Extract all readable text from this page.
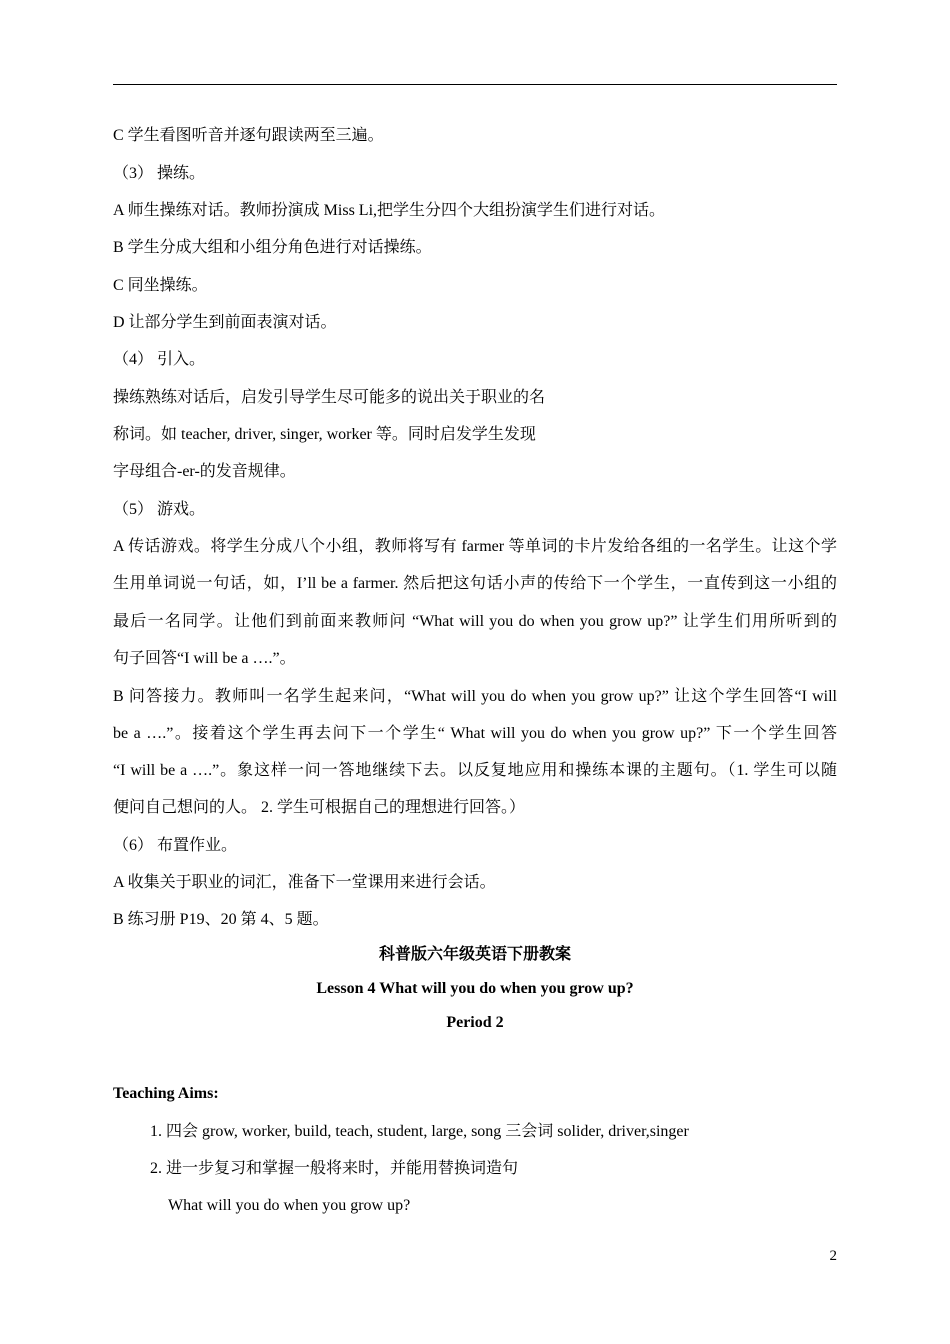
C 学生看图听音并逐句跟读两至三遍。
（3） 操练。
A 师生操练对话。教师扮演成 Miss Li,把学生分四个大组扮演学生们进行对话。
B 学生分成大组和小组分角色进行对话操练。
C 同坐操练。
D 让部分学生到前面表演对话。
（4） 引入。
操练熟练对话后，启发引导学生尽可能多的说出关于职业的名
称词。如 teacher, driver, singer, worker 等。同时启发学生发现
字母组合-er-的发音规律。
（5） 游戏。
A 传话游戏。将学生分成八个小组，教师将写有 farmer 等单词的卡片发给各组的一名学生。让这个学
生用单词说一句话，如，I’ll be a farmer. 然后把这句话小声的传给下一个学生，一直传到这一小组的
最后一名同学。让他们到前面来教师问 “What will you do when you grow up?” 让学生们用所听到的
句子回答“I will be a ….”。
B 问答接力。教师叫一名学生起来问，“What will you do when you grow up?” 让这个学生回答“I will
be a ….”。接着这个学生再去问下一个学生“ What will you do when you grow up?” 下一个学生回答
“I will be a ….”。象这样一问一答地继续下去。以反复地应用和操练本课的主题句。（1. 学生可以随
便问自己想问的人。 2. 学生可根据自己的理想进行回答。）
（6） 布置作业。
A 收集关于职业的词汇，准备下一堂课用来进行会话。
B 练习册 P19、20 第 4、5 题。
科普版六年级英语下册教案
Lesson 4 What will you do when you grow up?
Period 2
Teaching Aims:
1. 四会 grow, worker, build, teach, student, large, song 三会词 solider, driver,singer
2. 进一步复习和掌握一般将来时，并能用替换词造句
What will you do when you grow up?
2
